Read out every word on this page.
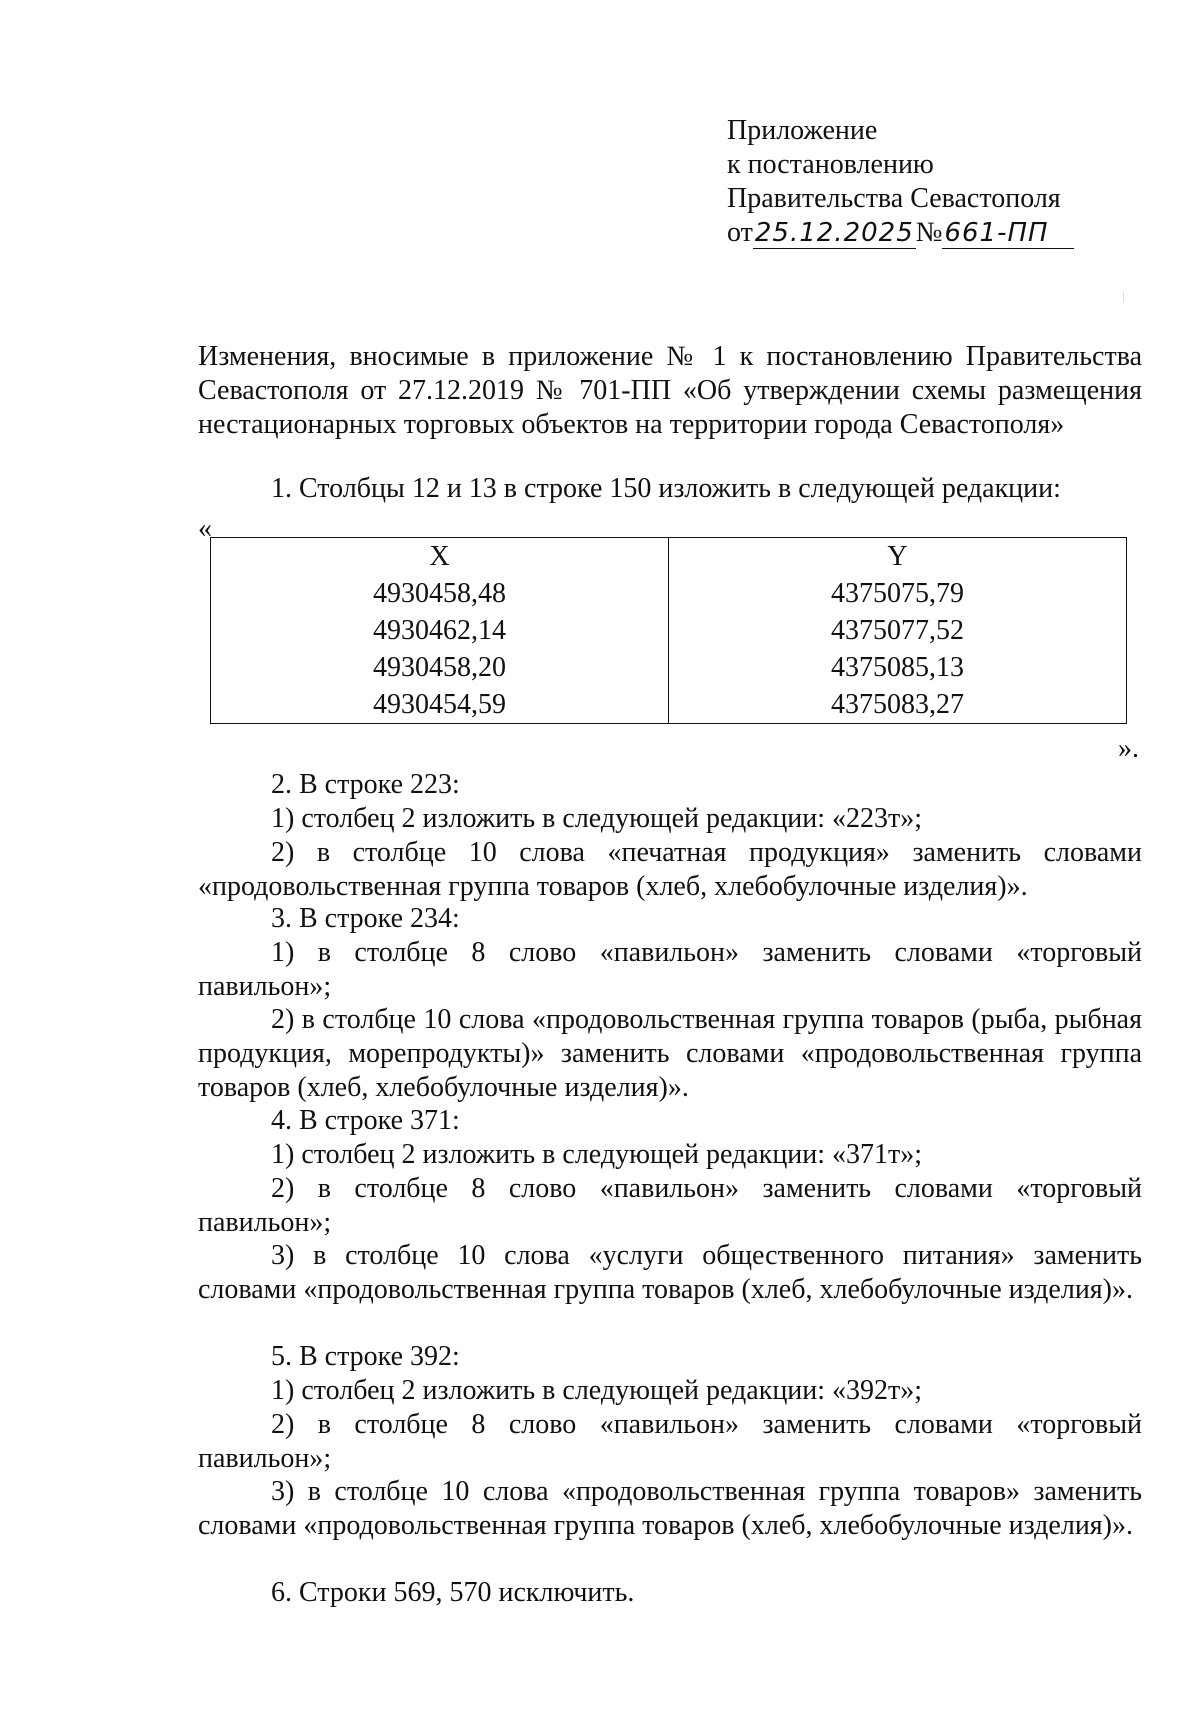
Приложение
к постановлению
Правительства Севастополя
от25.12.2025№661-ПП
Изменения, вносимые в приложение № 1 к постановлению Правительства Севастополя от 27.12.2019 № 701-ПП «Об утверждении схемы размещения нестационарных торговых объектов на территории города Севастополя»
1. Столбцы 12 и 13 в строке 150 изложить в следующей редакции:
«
X	Y
4930458,48	4375075,79
4930462,14	4375077,52
4930458,20	4375085,13
4930454,59	4375083,27
».
2. В строке 223:
1) столбец 2 изложить в следующей редакции: «223т»;
2) в столбце 10 слова «печатная продукция» заменить словами «продовольственная группа товаров (хлеб, хлебобулочные изделия)».
3. В строке 234:
1) в столбце 8 слово «павильон» заменить словами «торговый павильон»;
2) в столбце 10 слова «продовольственная группа товаров (рыба, рыбная продукция, морепродукты)» заменить словами «продовольственная группа товаров (хлеб, хлебобулочные изделия)».
4. В строке 371:
1) столбец 2 изложить в следующей редакции: «371т»;
2) в столбце 8 слово «павильон» заменить словами «торговый павильон»;
3) в столбце 10 слова «услуги общественного питания» заменить словами «продовольственная группа товаров (хлеб, хлебобулочные изделия)».
5. В строке 392:
1) столбец 2 изложить в следующей редакции: «392т»;
2) в столбце 8 слово «павильон» заменить словами «торговый павильон»;
3) в столбце 10 слова «продовольственная группа товаров» заменить словами «продовольственная группа товаров (хлеб, хлебобулочные изделия)».
6. Строки 569, 570 исключить.
